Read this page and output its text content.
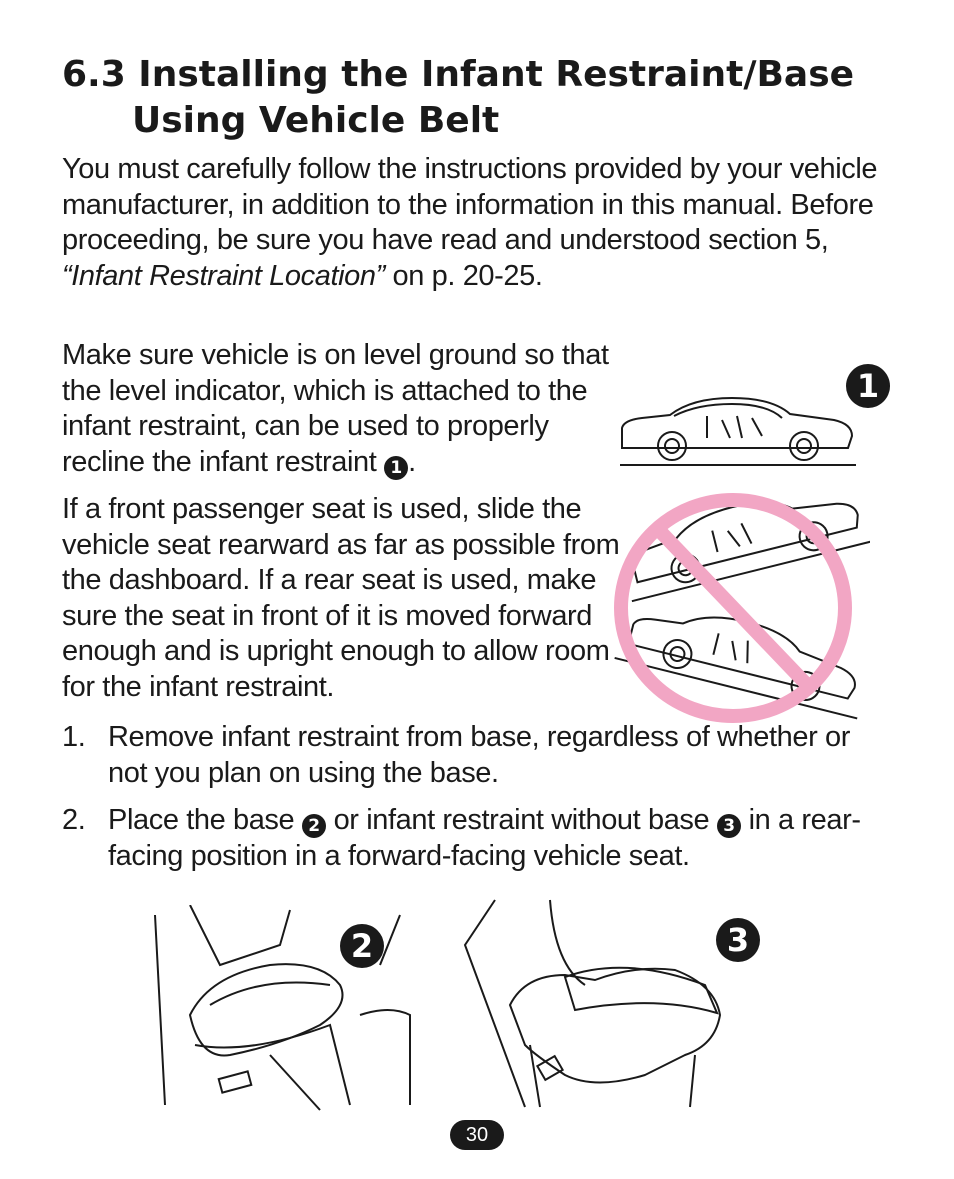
6.3 Installing the Infant Restraint/Base
Using Vehicle Belt
You must carefully follow the instructions provided by your vehicle manufacturer, in addition to the information in this manual. Before proceeding, be sure you have read and understood section 5,
“Infant Restraint Location” on p. 20-25.
Make sure vehicle is on level ground so that the level indicator, which is attached to the infant restraint, can be used to properly recline the infant restraint 1 .
If a front passenger seat is used, slide the vehicle seat rearward as far as possible from the dashboard. If a rear seat is used, make sure the seat in front of it is moved forward enough and is upright enough to allow room for the infant restraint.
1. Remove infant restraint from base, regardless of whether or not you plan on using the base.
2. Place the base 2 or infant restraint without base 3 in a rear-facing position in a forward-facing vehicle seat.
1
2	3
30
